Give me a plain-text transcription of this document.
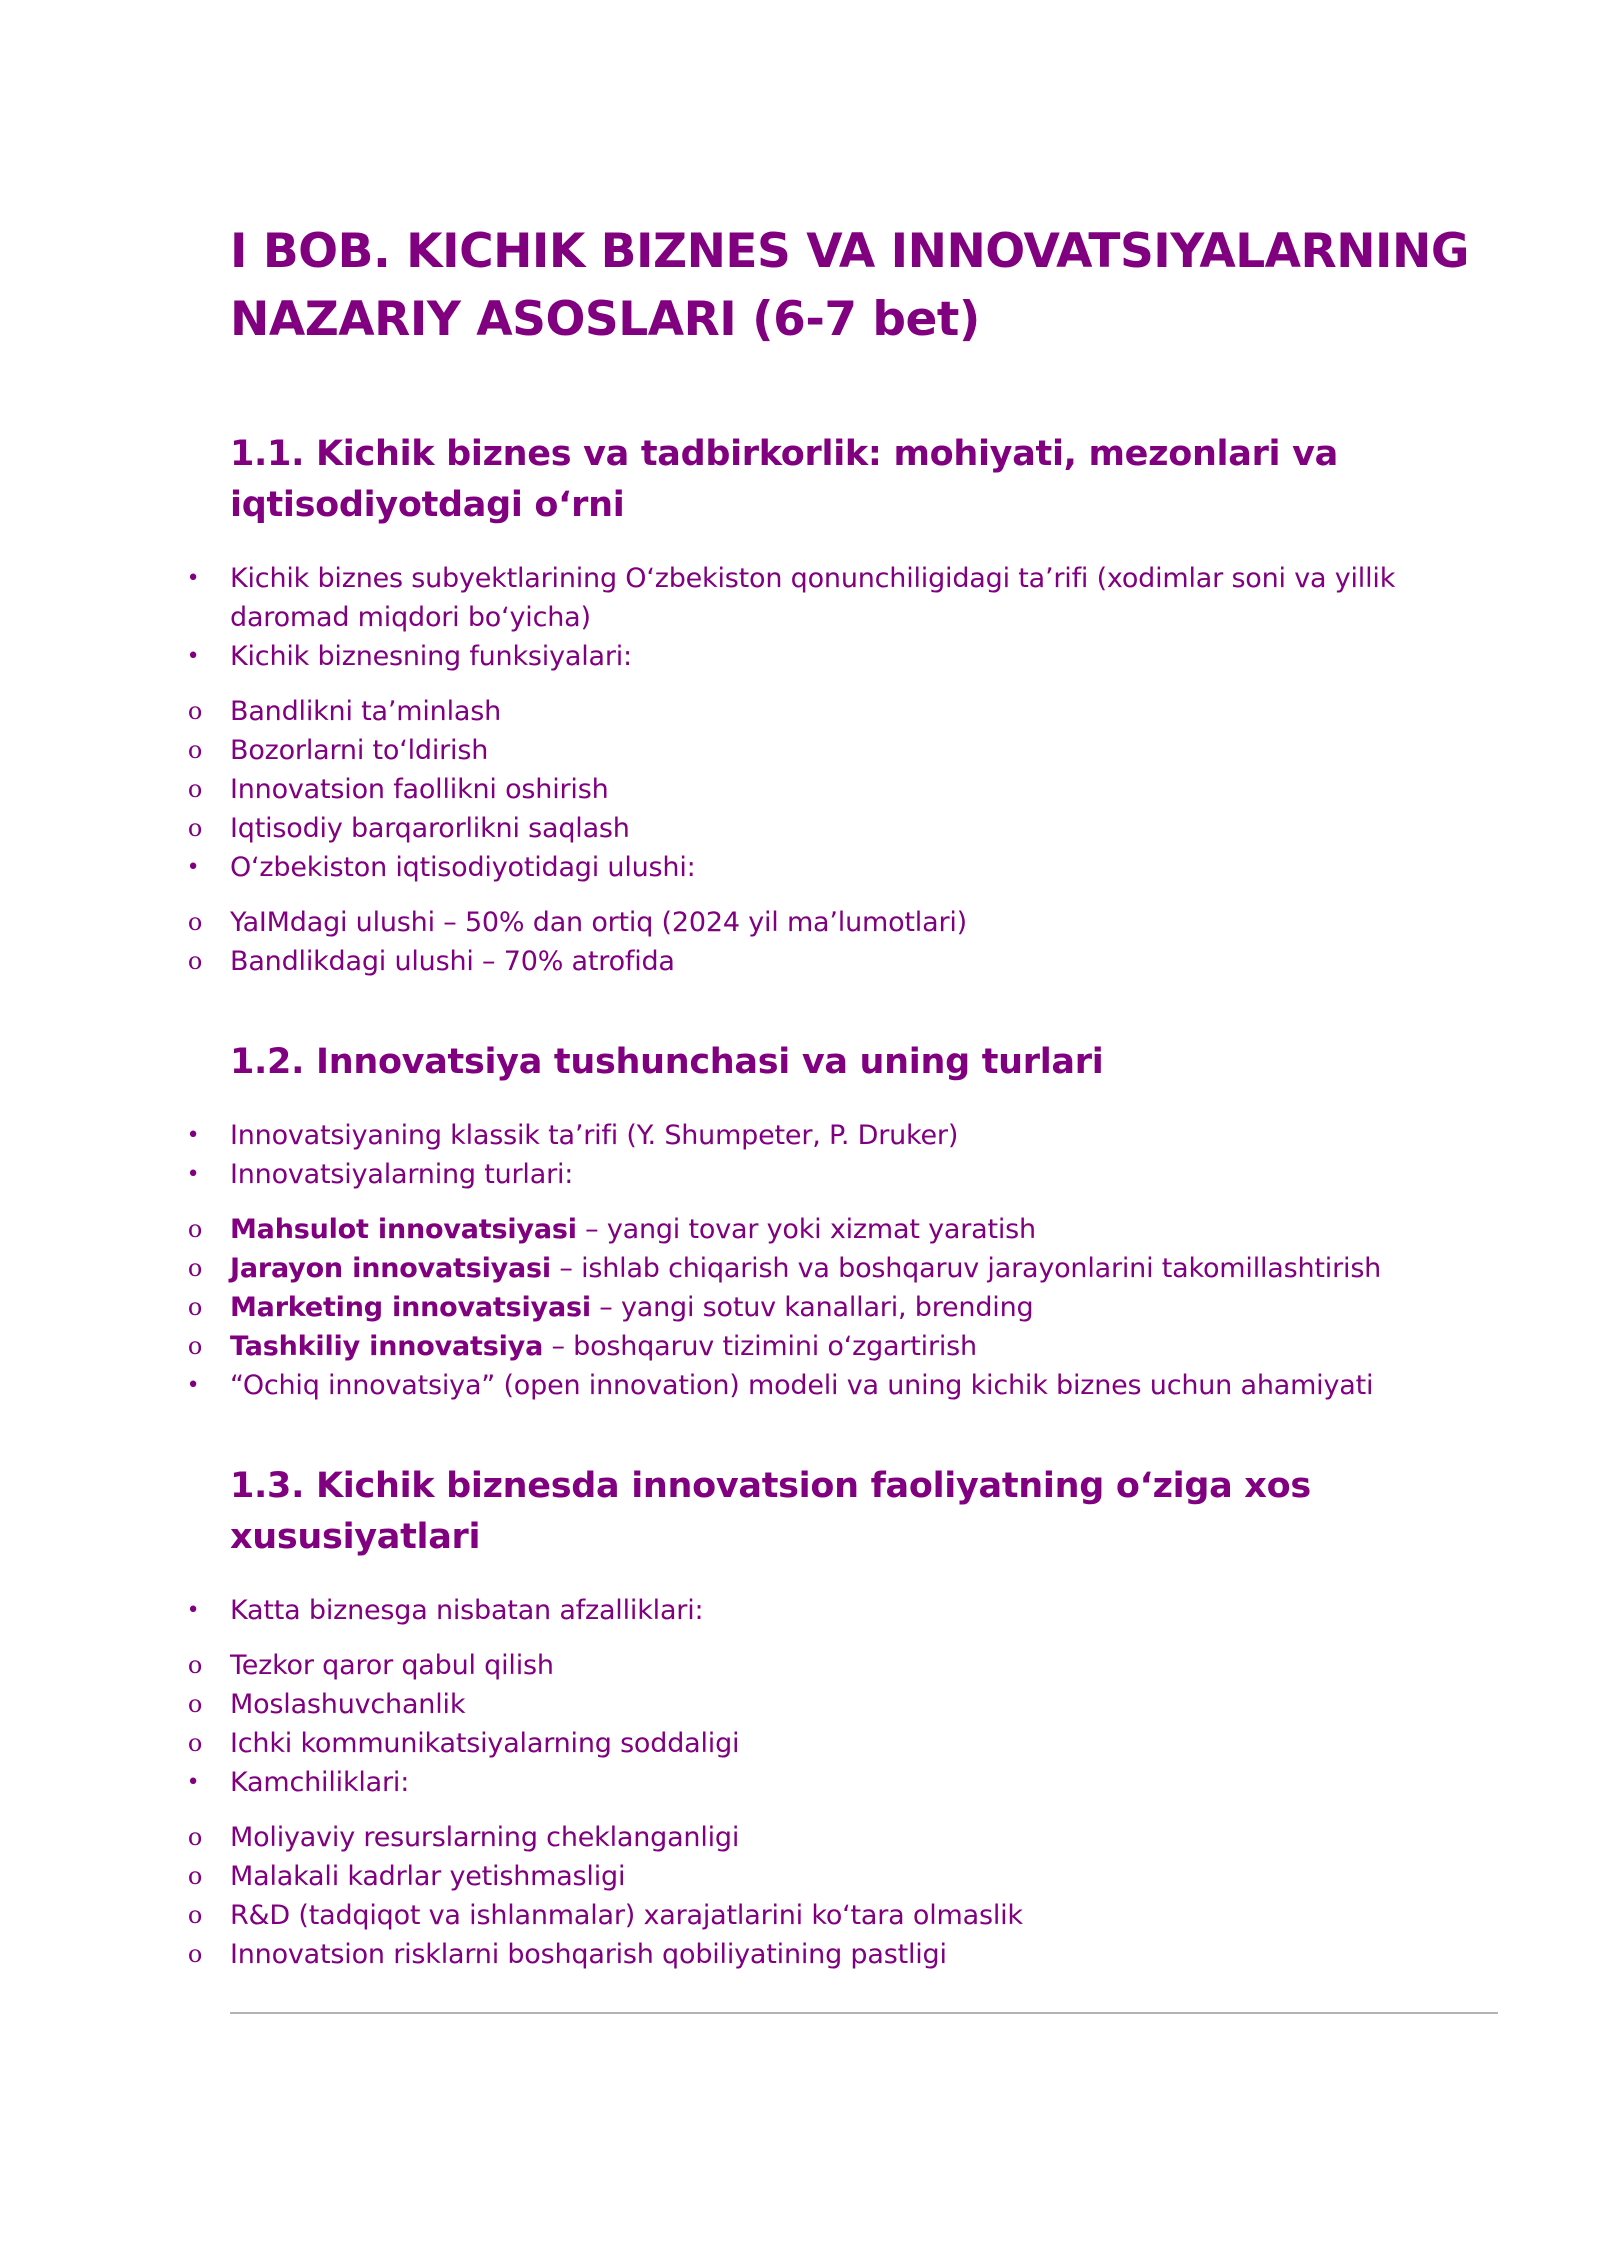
I BOB. KICHIK BIZNES VA INNOVATSIYALARNING NAZARIY ASOSLARI (6-7 bet)
1.1. Kichik biznes va tadbirkorlik: mohiyati, mezonlari va iqtisodiyotdagi oʻrni
•	Kichik biznes subyektlarining Oʻzbekiston qonunchiligidagi taʼrifi (xodimlar soni va yillik daromad miqdori boʻyicha)
•	Kichik biznesning funksiyalari:
o Bandlikni taʼminlash
o Bozorlarni toʻldirish
o Innovatsion faollikni oshirish
o Iqtisodiy barqarorlikni saqlash
•	Oʻzbekiston iqtisodiyotidagi ulushi:
o YaIMdagi ulushi – 50% dan ortiq (2024 yil maʼlumotlari)
o Bandlikdagi ulushi – 70% atrofida
1.2. Innovatsiya tushunchasi va uning turlari
•	Innovatsiyaning klassik taʼrifi (Y. Shumpeter, P. Druker)
•	Innovatsiyalarning turlari:
o Mahsulot innovatsiyasi – yangi tovar yoki xizmat yaratish
o Jarayon innovatsiyasi – ishlab chiqarish va boshqaruv jarayonlarini takomillashtirish
o Marketing innovatsiyasi – yangi sotuv kanallari, brending
o Tashkiliy innovatsiya – boshqaruv tizimini oʻzgartirish
•	“Ochiq innovatsiya” (open innovation) modeli va uning kichik biznes uchun ahamiyati
1.3. Kichik biznesda innovatsion faoliyatning oʻziga xos xususiyatlari
•	Katta biznesga nisbatan afzalliklari:
o Tezkor qaror qabul qilish
o Moslashuvchanlik
o Ichki kommunikatsiyalarning soddaligi
•	Kamchiliklari:
o Moliyaviy resurslarning cheklanganligi
o Malakali kadrlar yetishmasligi
o R&D (tadqiqot va ishlanmalar) xarajatlarini koʻtara olmaslik
o Innovatsion risklarni boshqarish qobiliyatining pastligi
